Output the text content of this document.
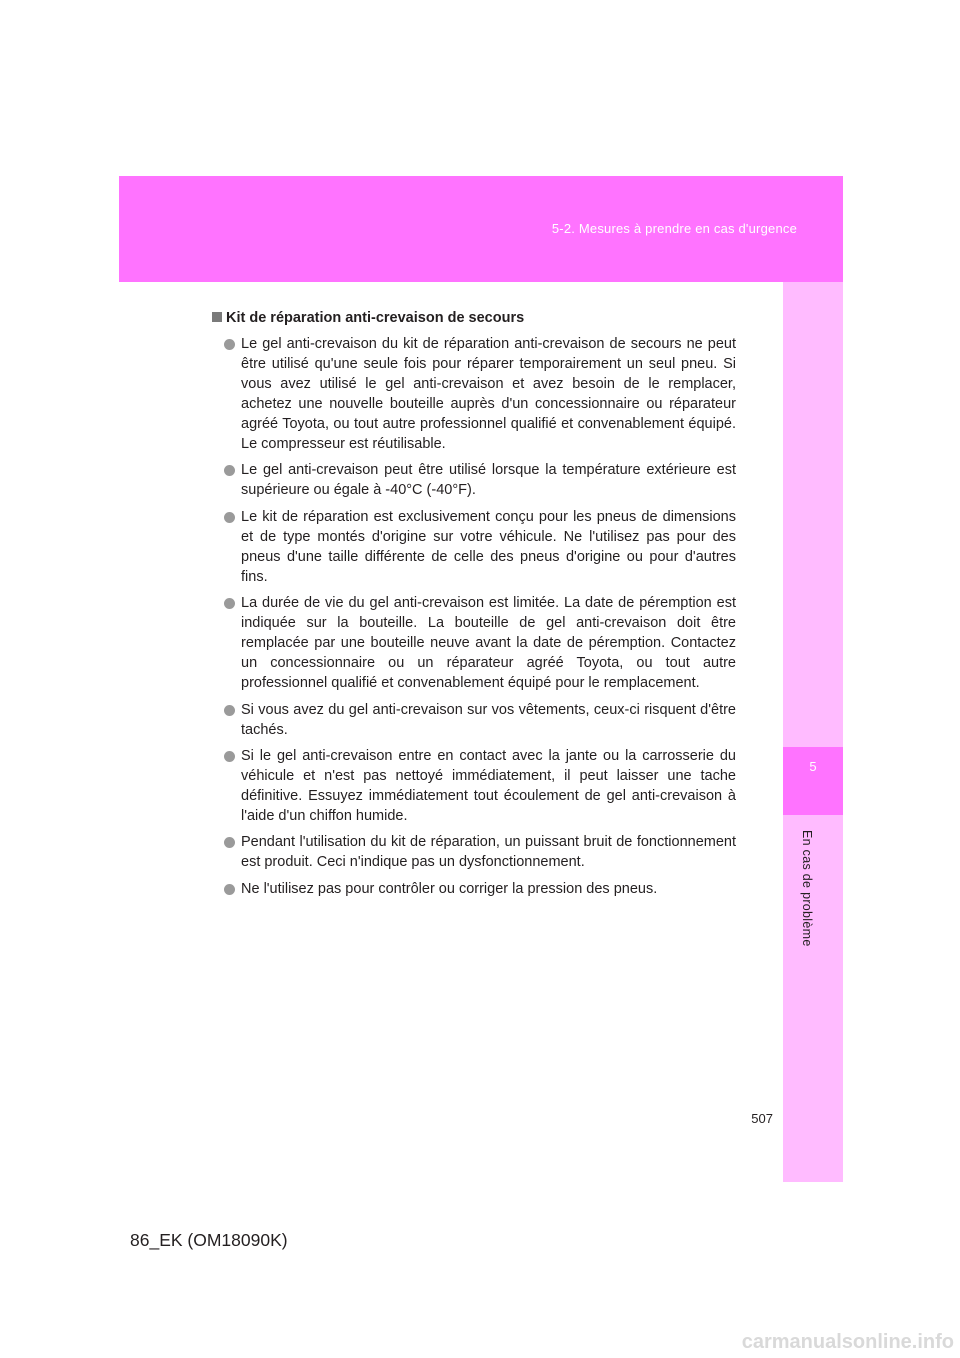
5-2. Mesures à prendre en cas d'urgence
5
En cas de problème
Kit de réparation anti-crevaison de secours
Le gel anti-crevaison du kit de réparation anti-crevaison de secours ne peut être utilisé qu'une seule fois pour réparer temporairement un seul pneu. Si vous avez utilisé le gel anti-crevaison et avez besoin de le remplacer, achetez une nouvelle bouteille auprès d'un concessionnaire ou réparateur agréé Toyota, ou tout autre professionnel qualifié et convenablement équipé. Le compresseur est réutilisable.
Le gel anti-crevaison peut être utilisé lorsque la température extérieure est supérieure ou égale à -40°C (-40°F).
Le kit de réparation est exclusivement conçu pour les pneus de dimensions et de type montés d'origine sur votre véhicule. Ne l'utilisez pas pour des pneus d'une taille différente de celle des pneus d'origine ou pour d'autres fins.
La durée de vie du gel anti-crevaison est limitée. La date de péremption est indiquée sur la bouteille. La bouteille de gel anti-crevaison doit être remplacée par une bouteille neuve avant la date de péremption. Contactez un concessionnaire ou un réparateur agréé Toyota, ou tout autre professionnel qualifié et convenablement équipé pour le remplacement.
Si vous avez du gel anti-crevaison sur vos vêtements, ceux-ci risquent d'être tachés.
Si le gel anti-crevaison entre en contact avec la jante ou la carrosserie du véhicule et n'est pas nettoyé immédiatement, il peut laisser une tache définitive. Essuyez immédiatement tout écoulement de gel anti-crevaison à l'aide d'un chiffon humide.
Pendant l'utilisation du kit de réparation, un puissant bruit de fonctionnement est produit. Ceci n'indique pas un dysfonctionnement.
Ne l'utilisez pas pour contrôler ou corriger la pression des pneus.
507
86_EK (OM18090K)
carmanualsonline.info
